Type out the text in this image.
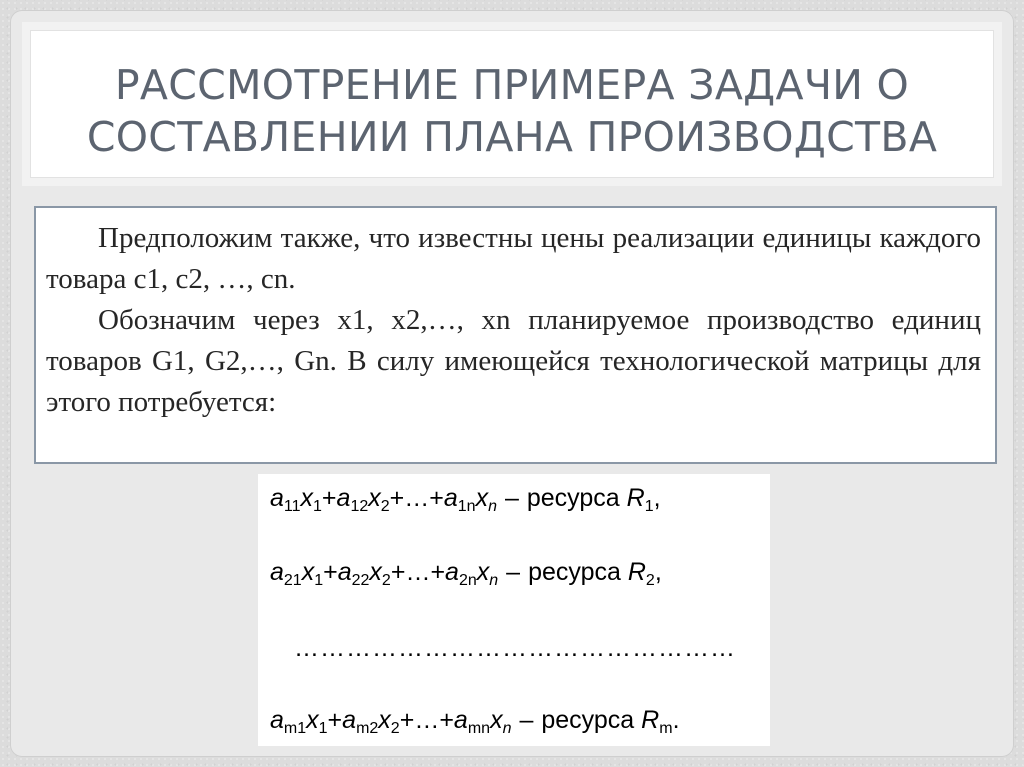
РАССМОТРЕНИЕ ПРИМЕРА ЗАДАЧИ О
СОСТАВЛЕНИИ ПЛАНА ПРОИЗВОДСТВА

Предположим также, что известны цены реализации единицы каждого товара с1, с2, …, сn.

Обозначим через х1, х2,…, хn планируемое производство единиц товаров G1, G2,…, Gn. В силу имеющейся технологической матрицы для этого потребуется:

$a_{11}x_1+a_{12}x_2+\dots+a_{1n}x_n$ – ресурса $R_1$,
$a_{21}x_1+a_{22}x_2+\dots+a_{2n}x_n$ – ресурса $R_2$,
……………………………………………
$a_{m1}x_1+a_{m2}x_2+\dots+a_{mn}x_n$ – ресурса $R_m$.
